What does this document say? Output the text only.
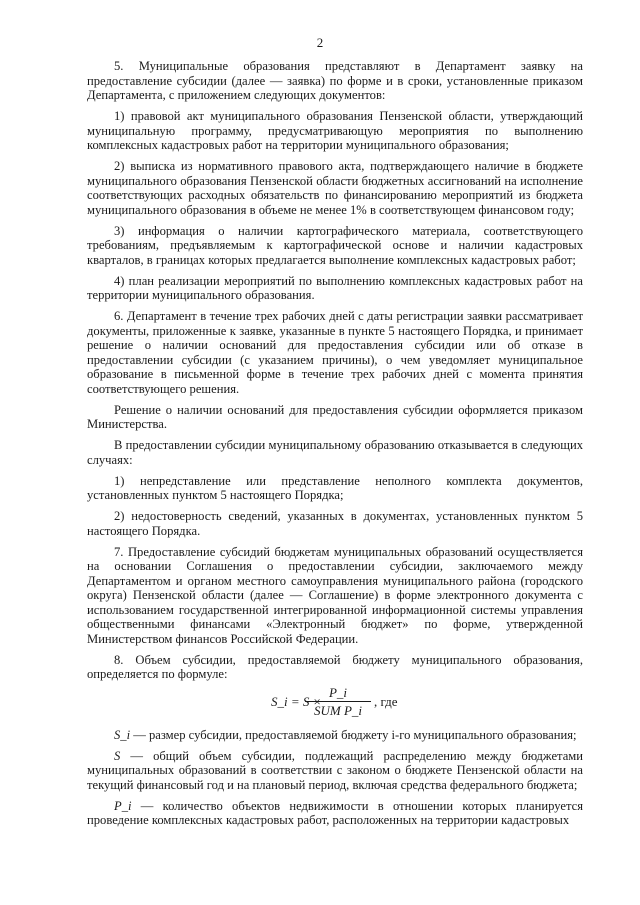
2

5. Муниципальные образования представляют в Департамент заявку на предоставление субсидии (далее — заявка) по форме и в сроки, установленные приказом Департамента, с приложением следующих документов:

1) правовой акт муниципального образования Пензенской области, утверждающий муниципальную программу, предусматривающую мероприятия по выполнению комплексных кадастровых работ на территории муниципального образования;

2) выписка из нормативного правового акта, подтверждающего наличие в бюджете муниципального образования Пензенской области бюджетных ассигнований на исполнение соответствующих расходных обязательств по финансированию мероприятий из бюджета муниципального образования в объеме не менее 1% в соответствующем финансовом году;

3) информация о наличии картографического материала, соответствующего требованиям, предъявляемым к картографической основе и наличии кадастровых кварталов, в границах которых предлагается выполнение комплексных кадастровых работ;

4) план реализации мероприятий по выполнению комплексных кадастровых работ на территории муниципального образования.

6. Департамент в течение трех рабочих дней с даты регистрации заявки рассматривает документы, приложенные к заявке, указанные в пункте 5 настоящего Порядка, и принимает решение о наличии оснований для предоставления субсидии или об отказе в предоставлении субсидии (с указанием причины), о чем уведомляет муниципальное образование в письменной форме в течение трех рабочих дней с момента принятия соответствующего решения.

Решение о наличии оснований для предоставления субсидии оформляется приказом Министерства.

В предоставлении субсидии муниципальному образованию отказывается в следующих случаях:

1) непредставление или представление неполного комплекта документов, установленных пунктом 5 настоящего Порядка;

2) недостоверность сведений, указанных в документах, установленных пунктом 5 настоящего Порядка.

7. Предоставление субсидий бюджетам муниципальных образований осуществляется на основании Соглашения о предоставлении субсидии, заключаемого между Департаментом и органом местного самоуправления муниципального района (городского округа) Пензенской области (далее — Соглашение) в форме электронного документа с использованием государственной интегрированной информационной системы управления общественными финансами «Электронный бюджет» по форме, утвержденной Министерством финансов Российской Федерации.

8. Объем субсидии, предоставляемой бюджету муниципального образования, определяется по формуле:

S_i = S ×
P_i
SUM P_i
, где

S_i — размер субсидии, предоставляемой бюджету i-го муниципального образования;

S — общий объем субсидии, подлежащий распределению между бюджетами муниципальных образований в соответствии с законом о бюджете Пензенской области на текущий финансовый год и на плановый период, включая средства федерального бюджета;

P_i — количество объектов недвижимости в отношении которых планируется проведение комплексных кадастровых работ, расположенных на территории кадастровых
